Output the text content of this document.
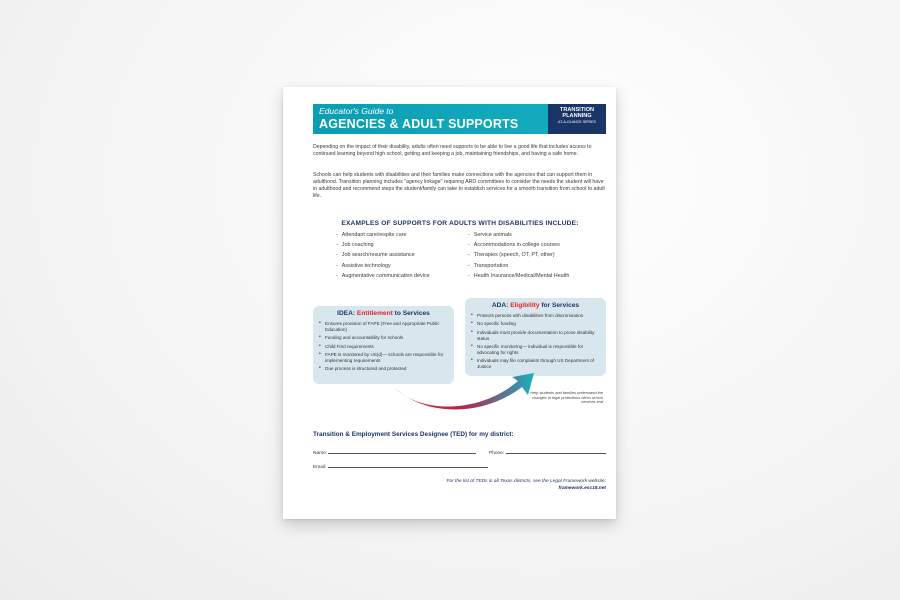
Educator's Guide to
AGENCIES & ADULT SUPPORTS
TRANSITION
PLANNING
AT-A-GLANCE SERIES

Depending on the impact of their disability, adults often need supports to be able to live a good life that includes access to continued learning beyond high school, getting and keeping a job, maintaining friendships, and having a safe home.

Schools can help students with disabilities and their families make connections with the agencies that can support them in adulthood. Transition planning includes "agency linkage" requiring ARD committees to consider the needs the student will have in adulthood and recommend steps the student/family can take to establish services for a smooth transition from school to adult life.

EXAMPLES OF SUPPORTS FOR ADULTS WITH DISABILITIES INCLUDE:
- Attendant care/respite care
- Job coaching
- Job search/resume assistance
- Assistive technology
- Augmentative communication device
- Service animals
- Accommodations in college courses
- Therapies (speech, OT, PT, other)
- Transportation
- Health Insurance/Medical/Mental Health
IDEA: Entitlement to Services
• Ensures provision of FAPE (Free and Appropriate Public Education)
• Funding and accountability for schools
• Child Find requirements
• FAPE is monitored by US(d)— schools are responsible for implementing requirements
• Due process is structured and protected
ADA: Eligibility for Services
• Protects persons with disabilities from discrimination
• No specific funding
• Individuals must provide documentation to prove disability status
• No specific monitoring— individual is responsible for advocating for rights
• Individuals may file complaints through US Department of Justice
Help students and families understand the changes in legal protections when school services end
Transition & Employment Services Designee (TED) for my district:
Name:	Phone:
Email:
For the list of TEDs in all Texas districts, see the Legal Framework website:
framework.esc18.net
